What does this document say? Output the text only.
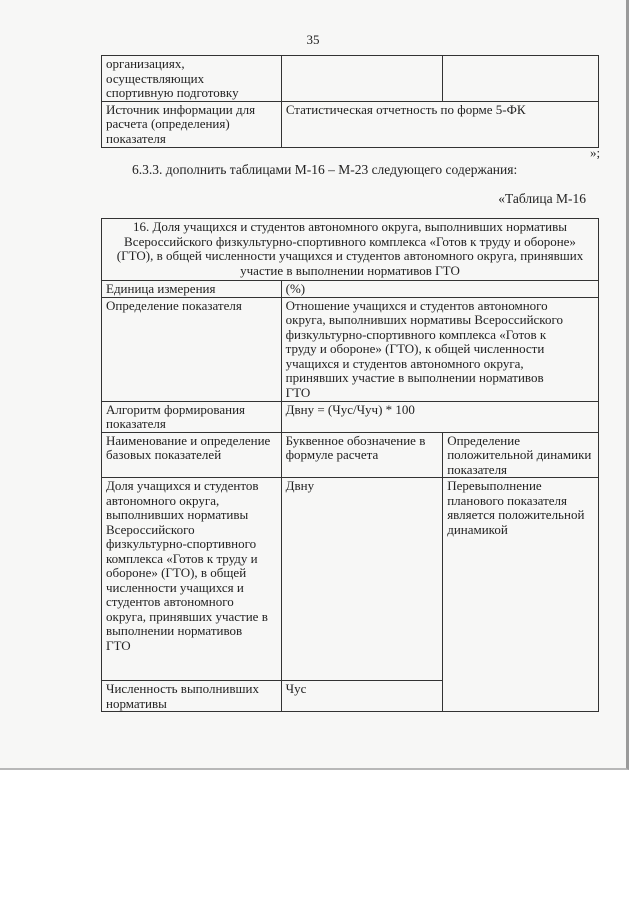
35
организациях, осуществляющих спортивную подготовку		
Источник информации для расчета (определения) показателя	Статистическая отчетность по форме 5-ФК	
»;
6.3.3. дополнить таблицами М-16 – М-23 следующего содержания:
«Таблица М-16
16. Доля учащихся и студентов автономного округа, выполнивших нормативы Всероссийского физкультурно-спортивного комплекса «Готов к труду и обороне» (ГТО), в общей численности учащихся и студентов автономного округа, принявших участие в выполнении нормативов ГТО		
Единица измерения	(%)	
Определение показателя	Отношение учащихся и студентов автономного округа, выполнивших нормативы Всероссийского физкультурно-спортивного комплекса «Готов к труду и обороне» (ГТО), к общей численности учащихся и студентов автономного округа, принявших участие в выполнении нормативов ГТО	
Алгоритм формирования показателя	Двну = (Чус/Чуч) * 100	
Наименование и определение базовых показателей	Буквенное обозначение в формуле расчета	Определение положительной динамики показателя
Доля учащихся и студентов автономного округа, выполнивших нормативы Всероссийского физкультурно-спортивного комплекса «Готов к труду и обороне» (ГТО), в общей численности учащихся и студентов автономного округа, принявших участие в выполнении нормативов ГТО	Двну	Перевыполнение планового показателя является положительной динамикой
Численность выполнивших нормативы	Чус	
